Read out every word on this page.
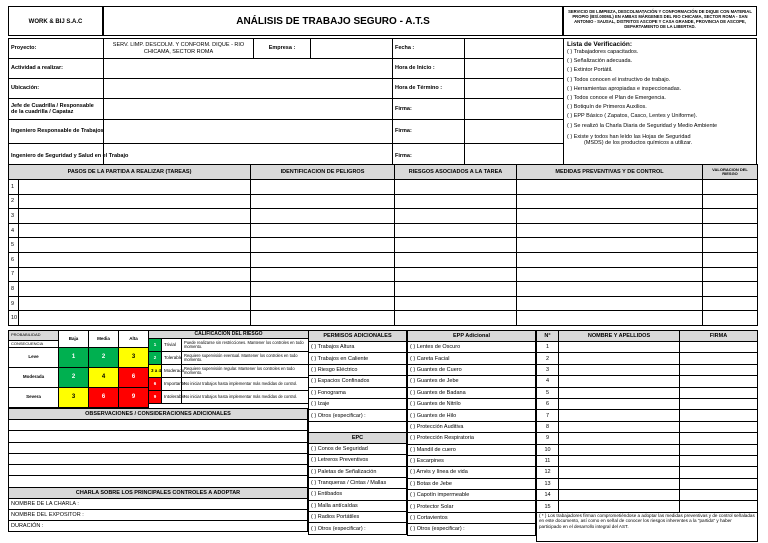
WORK & BIJ S.A.C	ANÁLISIS DE TRABAJO SEGURO - A.T.S
SERVICIO DE LIMPIEZA, DESCOLMATACIÓN Y CONFORMACIÓN DE DIQUE CON MATERIAL PROPIO (BS/.000ML) EN AMBAS MÁRGENES DEL RIO CHICAMA, SECTOR ROMA - SAN ANTONIO - SAUSAL, DISTRITOS ASCOPE Y CASA GRANDE, PROVINCIA DE ASCOPE, DEPARTAMENTO DE LA LIBERTAD.
Proyecto:	SERV. LIMP. DESCOLM. Y CONFORM. DIQUE - RIO CHICAMA, SECTOR ROMA	Empresa :		Fecha :	
Actividad a realizar:				Hora de Inicio :	
Ubicación:				Hora de Término :	
Jefe de Cuadrilla / Responsable de la cuadrilla / Capataz				Firma:	
Ingeniero Responsable de Trabajos				Firma:	
Ingeniero de Seguridad y Salud en el Trabajo				Firma:	
Lista de Verificación:
( ) Trabajadores capacitados.
( ) Señalización adecuada.
( ) Extintor Portátil.
( ) Todos conocen el instructivo de trabajo.
( ) Herramientas apropiadas e inspeccionadas.
( ) Todos conoce el Plan de Emergencia.
( ) Botiquín de Primeros Auxilios.
( ) EPP Básico ( Zapatos, Casco, Lentes y Uniforme).
( ) Se realizó la Charla Diaria de Seguridad y Medio Ambiente
( ) Existe y todos han leído las Hojas de Seguridad
(MSDS) de los productos químicos a utilizar.
PASOS DE LA PARTIDA A REALIZAR (TAREAS)		IDENTIFICACION DE PELIGROS	RIESGOS ASOCIADOS A LA TAREA	MEDIDAS PREVENTIVAS Y DE CONTROL	VALORACION DEL RIESGO
1					
2					
3					
4					
5					
6					
7					
8					
9					
10					
PROBABILIDAD	Baja	Media	Alta
CONSECUENCIA			
Leve	1	2	3
Moderada	2	4	6
Severa	3	6	9
CALIFICACION DEL RIESGO		
1	Trivial	Puede realizarse sin restricciones. Mantener los controles en todo momento.
2	Tolerable	Requiere supervisión eventual. Mantener los controles en todo momento.
3 a 4	Moderado	Requiere supervisión regular. Mantener los controles en todo momento.
6	Importante	No iniciar trabajos hasta implementar más medidas de control.
9	Intolerable	No iniciar trabajos hasta implementar más medidas de control.
OBSERVACIONES / CONSIDERACIONES ADICIONALES

CHARLA SOBRE LOS PRINCIPALES CONTROLES A ADOPTAR
NOMBRE DE LA CHARLA :
NOMBRE DEL EXPOSITOR :
DURACIÓN :
PERMISOS ADICIONALES
( ) Trabajos Altura
( ) Trabajos en Caliente
( ) Riesgo Eléctrico
( ) Espacios Confinados
( ) Fonograma
( ) Izaje
( ) Otros (especificar) :

EPC
( ) Conos de Seguridad
( ) Letreros Preventivos
( ) Paletas de Señalización
( ) Tranqueras / Cintas / Mallas
( ) Entibados
( ) Malla antícaídas
( ) Radios Portátiles
( ) Otros (especificar) :
EPP Adicional
( ) Lentes de Oscuro
( ) Careta Facial
( ) Guantes de Cuero
( ) Guantes de Jebe
( ) Guantes de Badana
( ) Guantes de Nitrilo
( ) Guantes de Hilo
( ) Protección Auditiva
( ) Protección Respiratoria
( ) Mandil de cuero
( ) Escarpines
( ) Arnés y línea de vida
( ) Botas de Jebe
( ) Capotín impermeable
( ) Protector Solar
( ) Cortavientos
( ) Otros (especificar) :
N°	NOMBRE Y APELLIDOS	FIRMA
1		
2		
3		
4		
5		
6		
7		
8		
9		
10		
11		
12		
13		
14		
15		
( * ) Los trabajadores firman comprometiéndose a adoptar las medidas preventivas y de control señaladas en este documento, así como en señal de conocer los riesgos inherentes a la "partida" y haber participado en el desarrollo integral del AST.		
